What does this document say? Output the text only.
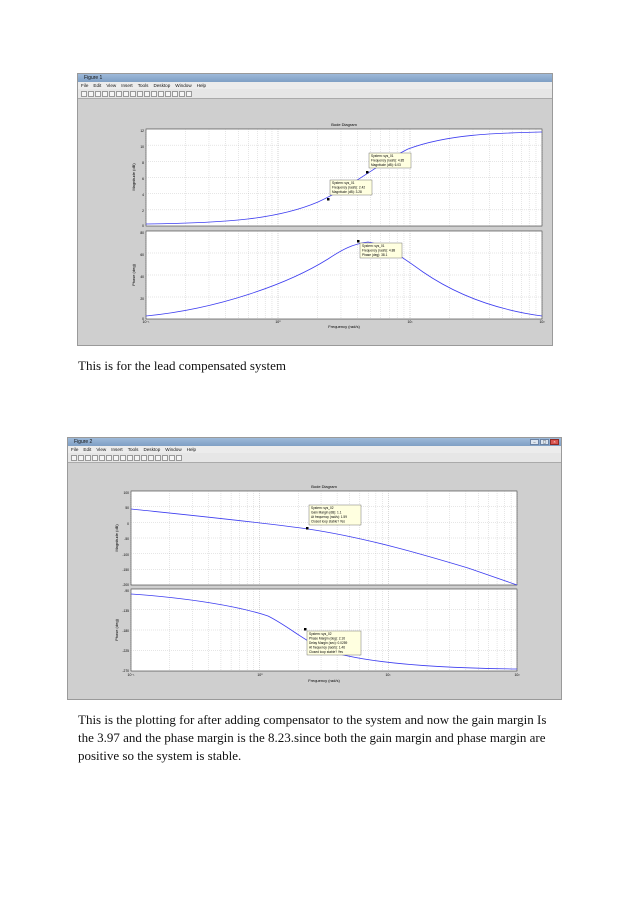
Figure 1
File Edit View Insert Tools Desktop Window Help
Bode Diagram
Frequency (rad/s)
Magnitude (dB)
Phase (deg)
10⁻¹	10⁰	10¹	10²
12
10
8
6
4
2
0
80
60
40
20
0
System: sys_01
Frequency (rad/s): 2.42
Magnitude (dB): 3.28
System: sys_01
Frequency (rad/s): 4.85
Magnitude (dB): 6.03
System: sys_01
Frequency (rad/s): 4.88
Phase (deg): 38.1

This is for the lead compensated system

Figure 2	–	▢	×
File Edit View Insert Tools Desktop Window Help
Bode Diagram
Frequency (rad/s)
Magnitude (dB)
Phase (deg)
10⁻¹	10⁰	10¹	10²
100
50
0
-50
-100
-150
-200
-90
-135
-180
-225
-270
System: sys_02
Gain Margin (dB): 1.1
At frequency (rad/s): 1.59
Closed loop stable? Yes
System: sys_02
Phase Margin (deg): 2.16
Delay Margin (sec): 0.0259
At frequency (rad/s): 1.46
Closed loop stable? Yes

This is the plotting for after adding compensator to the system and now the gain margin Is the 3.97 and the phase margin is the 8.23.since both the gain margin and phase margin are positive so the system is stable.
